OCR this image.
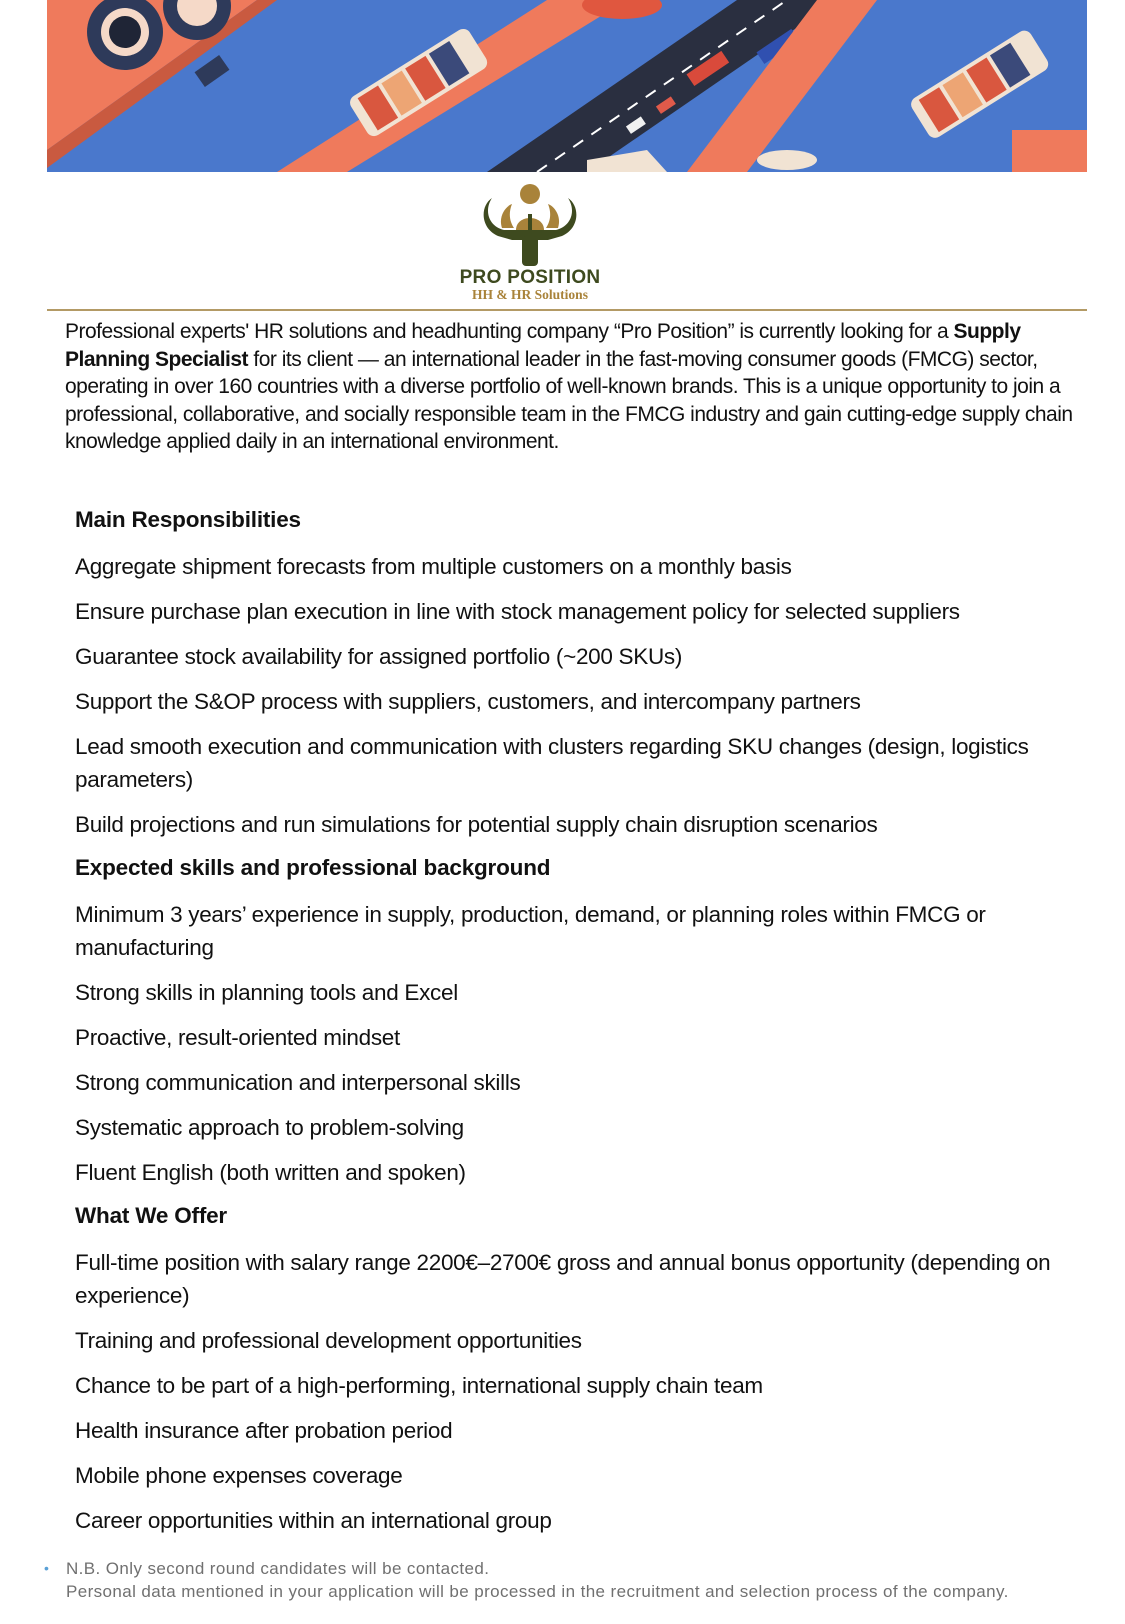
PRO POSITION
HH & HR Solutions

Professional experts' HR solutions and headhunting company “Pro Position” is currently looking for a Supply Planning Specialist for its client — an international leader in the fast-moving consumer goods (FMCG) sector, operating in over 160 countries with a diverse portfolio of well-known brands. This is a unique opportunity to join a professional, collaborative, and socially responsible team in the FMCG industry and gain cutting-edge supply chain knowledge applied daily in an international environment.

Main Responsibilities
Aggregate shipment forecasts from multiple customers on a monthly basis
Ensure purchase plan execution in line with stock management policy for selected suppliers
Guarantee stock availability for assigned portfolio (~200 SKUs)
Support the S&OP process with suppliers, customers, and intercompany partners
Lead smooth execution and communication with clusters regarding SKU changes (design, logistics parameters)
Build projections and run simulations for potential supply chain disruption scenarios
Expected skills and professional background
Minimum 3 years’ experience in supply, production, demand, or planning roles within FMCG or manufacturing
Strong skills in planning tools and Excel
Proactive, result-oriented mindset
Strong communication and interpersonal skills
Systematic approach to problem-solving
Fluent English (both written and spoken)
What We Offer
Full-time position with salary range 2200€–2700€ gross and annual bonus opportunity (depending on experience)
Training and professional development opportunities
Chance to be part of a high-performing, international supply chain team
Health insurance after probation period
Mobile phone expenses coverage
Career opportunities within an international group
• N.B. Only second round candidates will be contacted.
Personal data mentioned in your application will be processed in the recruitment and selection process of the company.
